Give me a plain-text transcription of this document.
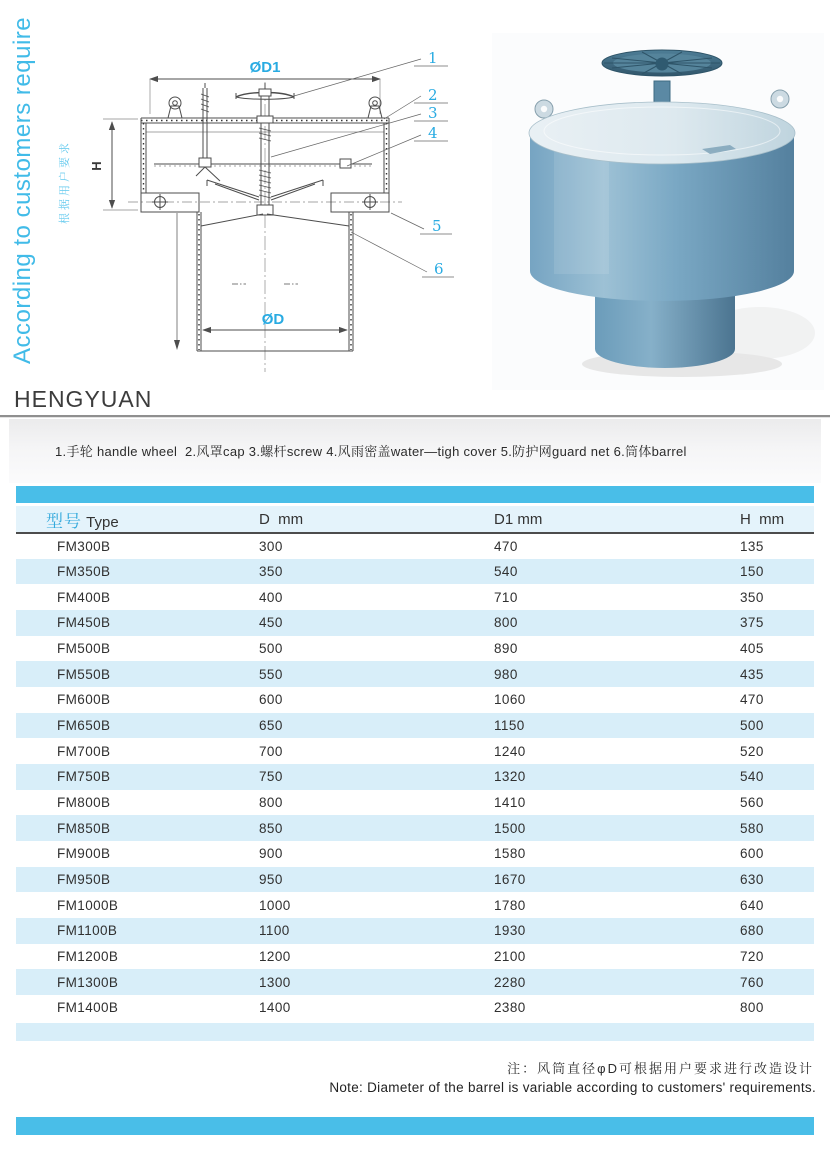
According to customers require	根据用户要求
ØD1
H
ØD
1
2
3
4
5
6
HENGYUAN
1.手轮 handle wheel  2.风罩cap 3.螺杆screw 4.风雨密盖water—tigh cover 5.防护网guard net 6.筒体barrel
型号 Type	D  mm	D1 mm	H  mm
FM300B	300	470	135
FM350B	350	540	150
FM400B	400	710	350
FM450B	450	800	375
FM500B	500	890	405
FM550B	550	980	435
FM600B	600	1060	470
FM650B	650	1150	500
FM700B	700	1240	520
FM750B	750	1320	540
FM800B	800	1410	560
FM850B	850	1500	580
FM900B	900	1580	600
FM950B	950	1670	630
FM1000B	1000	1780	640
FM1100B	1100	1930	680
FM1200B	1200	2100	720
FM1300B	1300	2280	760
FM1400B	1400	2380	800
注：风筒直径φD可根据用户要求进行改造设计
Note: Diameter of the barrel is variable according to customers' requirements.
